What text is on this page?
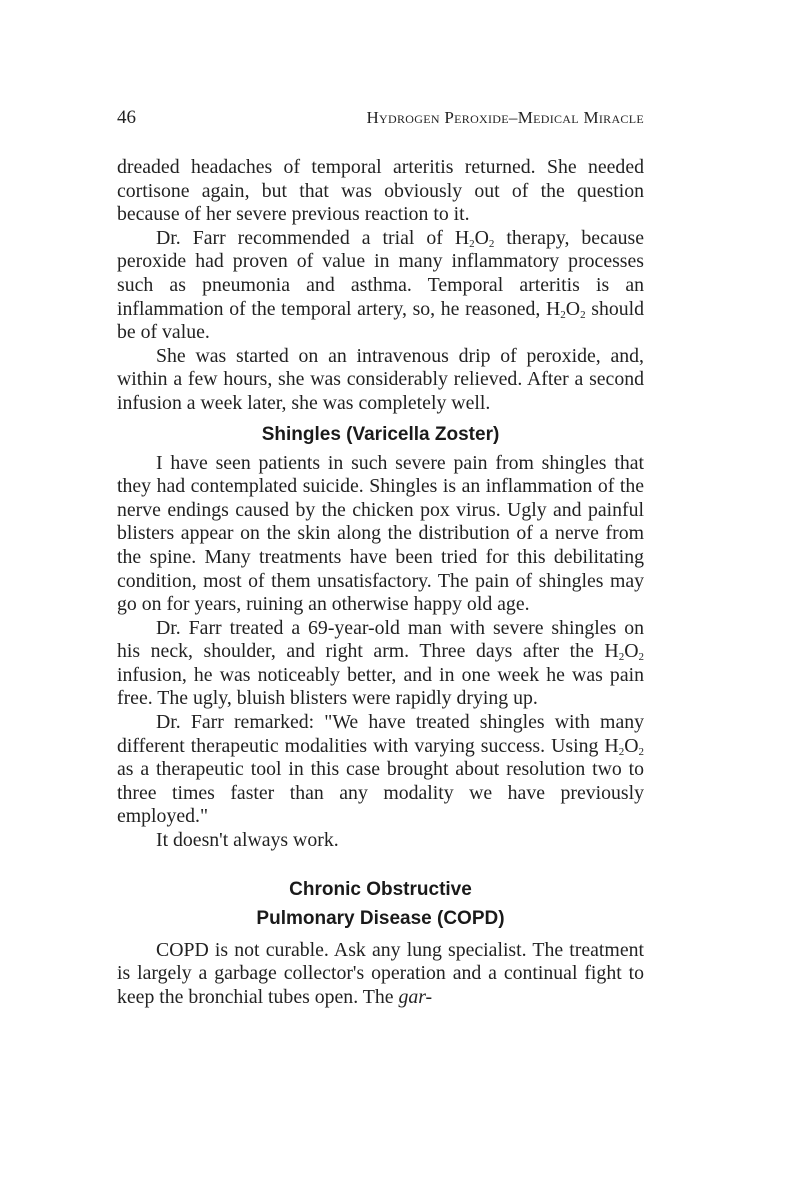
46	Hydrogen Peroxide–Medical Miracle

dreaded headaches of temporal arteritis returned. She needed cortisone again, but that was obviously out of the question because of her severe previous reaction to it.

Dr. Farr recommended a trial of $H_2O_2$ therapy, because peroxide had proven of value in many inflammatory processes such as pneumonia and asthma. Temporal arteritis is an inflammation of the temporal artery, so, he reasoned, $H_2O_2$ should be of value.

She was started on an intravenous drip of peroxide, and, within a few hours, she was considerably relieved. After a second infusion a week later, she was completely well.

Shingles (Varicella Zoster)

I have seen patients in such severe pain from shingles that they had contemplated suicide. Shingles is an inflammation of the nerve endings caused by the chicken pox virus. Ugly and painful blisters appear on the skin along the distribution of a nerve from the spine. Many treatments have been tried for this debilitating condition, most of them unsatisfactory. The pain of shingles may go on for years, ruining an otherwise happy old age.

Dr. Farr treated a 69-year-old man with severe shingles on his neck, shoulder, and right arm. Three days after the $H_2O_2$ infusion, he was noticeably better, and in one week he was pain free. The ugly, bluish blisters were rapidly drying up.

Dr. Farr remarked: "We have treated shingles with many different therapeutic modalities with varying success. Using $H_2O_2$ as a therapeutic tool in this case brought about resolution two to three times faster than any modality we have previously employed."

It doesn't always work.

Chronic Obstructive
Pulmonary Disease (COPD)

COPD is not curable. Ask any lung specialist. The treatment is largely a garbage collector's operation and a continual fight to keep the bronchial tubes open. The gar-
